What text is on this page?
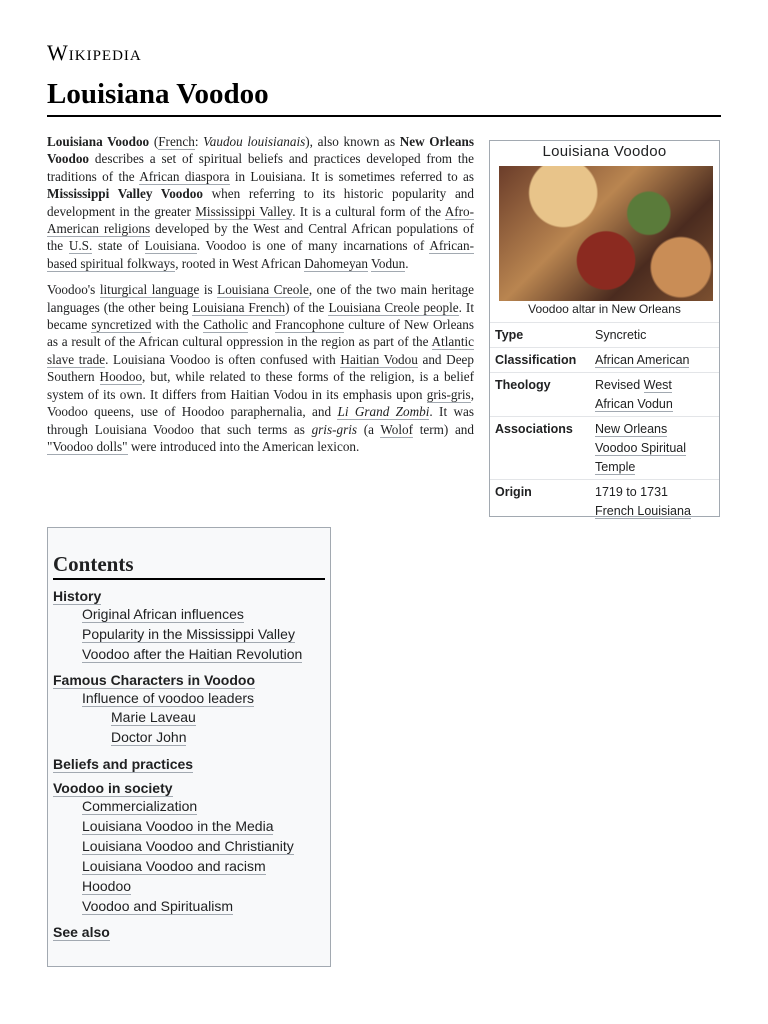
Wikipedia
Louisiana Voodoo

Louisiana Voodoo (French: Vaudou louisianais), also known as New Orleans Voodoo describes a set of spiritual beliefs and practices developed from the traditions of the African diaspora in Louisiana. It is sometimes referred to as Mississippi Valley Voodoo when referring to its historic popularity and development in the greater Mississippi Valley. It is a cultural form of the Afro-American religions developed by the West and Central African populations of the U.S. state of Louisiana. Voodoo is one of many incarnations of African-based spiritual folkways, rooted in West African Dahomeyan Vodun.

Voodoo's liturgical language is Louisiana Creole, one of the two main heritage languages (the other being Louisiana French) of the Louisiana Creole people. It became syncretized with the Catholic and Francophone culture of New Orleans as a result of the African cultural oppression in the region as part of the Atlantic slave trade. Louisiana Voodoo is often confused with Haitian Vodou and Deep Southern Hoodoo, but, while related to these forms of the religion, is a belief system of its own. It differs from Haitian Vodou in its emphasis upon gris-gris, Voodoo queens, use of Hoodoo paraphernalia, and Li Grand Zombi. It was through Louisiana Voodoo that such terms as gris-gris (a Wolof term) and "Voodoo dolls" were introduced into the American lexicon.

Louisiana Voodoo
Voodoo altar in New Orleans
Type	Syncretic
Classification	African American
Theology	Revised West African Vodun
Associations	New Orleans Voodoo Spiritual Temple
Origin	1719 to 1731
French Louisiana
Contents
History
Original African influences
Popularity in the Mississippi Valley
Voodoo after the Haitian Revolution
Famous Characters in Voodoo
Influence of voodoo leaders
Marie Laveau
Doctor John
Beliefs and practices
Voodoo in society
Commercialization
Louisiana Voodoo in the Media
Louisiana Voodoo and Christianity
Louisiana Voodoo and racism
Hoodoo
Voodoo and Spiritualism
See also
